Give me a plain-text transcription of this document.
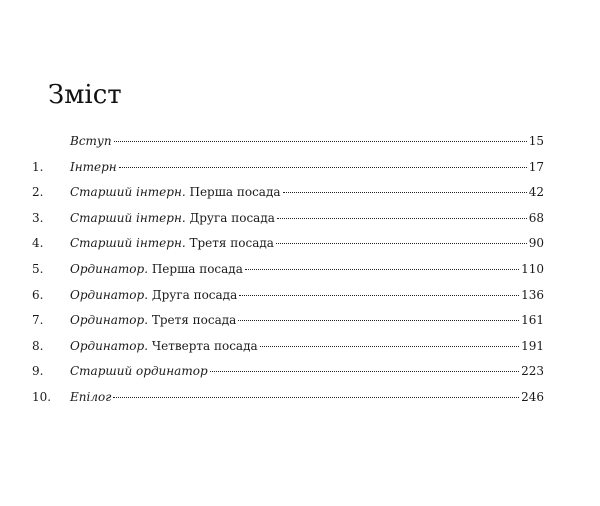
Зміст
Вступ	15
1.	Інтерн	17
2.	Старший інтерн. Перша посада	42
3.	Старший інтерн. Друга посада	68
4.	Старший інтерн. Третя посада	90
5.	Ординатор. Перша посада	110
6.	Ординатор. Друга посада	136
7.	Ординатор. Третя посада	161
8.	Ординатор. Четверта посада	191
9.	Старший ординатор	223
10.	Епілог	246
